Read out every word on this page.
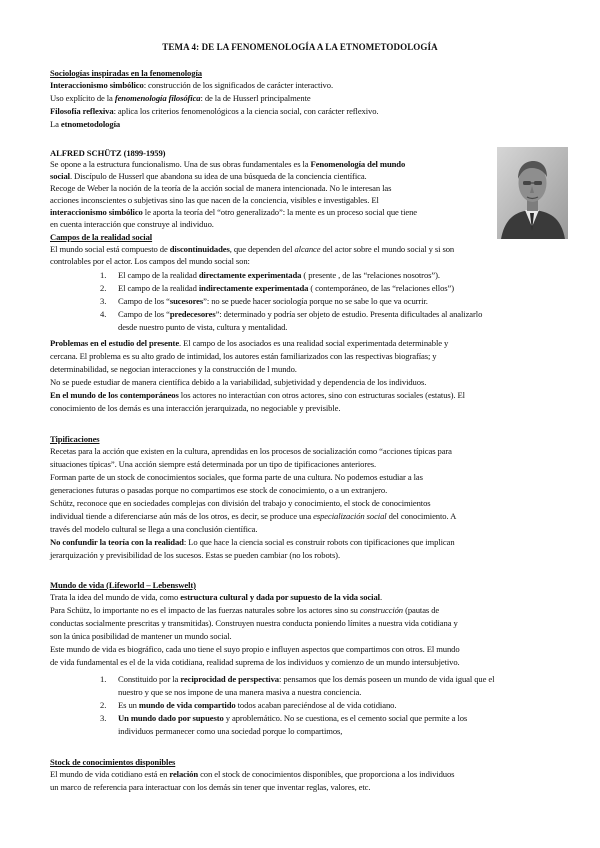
TEMA 4: DE LA FENOMENOLOGÍA A LA ETNOMETODOLOGÍA
Sociologías inspiradas en la fenomenología
Interaccionismo simbólico: construcción de los significados de carácter interactivo.
Uso explícito de la fenomenología filosófica: de la de Husserl principalmente
Filosofía reflexiva: aplica los criterios fenomenológicos a la ciencia social, con carácter reflexivo.
La etnometodología
ALFRED SCHÜTZ (1899-1959)
Se opone a la estructura funcionalismo. Una de sus obras fundamentales es la Fenomenología del mundo
social. Discípulo de Husserl que abandona su idea de una búsqueda de la conciencia científica.
Recoge de Weber la noción de la teoría de la acción social de manera intencionada. No le interesan las
acciones inconscientes o subjetivas sino las que nacen de la conciencia, visibles e investigables. El
interaccionismo simbólico le aporta la teoría del “otro generalizado”: la mente es un proceso social que tiene
en cuenta interacción que construye al individuo.
Campos de la realidad social
El mundo social está compuesto de discontinuidades, que dependen del alcance del actor sobre el mundo social y si son
controlables por el actor. Los campos del mundo social son:
1. El campo de la realidad directamente experimentada ( presente , de las “relaciones nosotros”).
2. El campo de la realidad indirectamente experimentada ( contemporáneo, de las “relaciones ellos”)
3. Campo de los “sucesores”: no se puede hacer sociología porque no se sabe lo que va ocurrir.
4. Campo de los “predecesores”: determinado y podría ser objeto de estudio. Presenta dificultades al analizarlo
desde nuestro punto de vista, cultura y mentalidad.
Problemas en el estudio del presente. El campo de los asociados es una realidad social experimentada determinable y
cercana. El problema es su alto grado de intimidad, los autores están familiarizados con las respectivas biografías; y
determinabilidad, se negocian interacciones y la construcción de l mundo.
No se puede estudiar de manera científica debido a la variabilidad, subjetividad y dependencia de los individuos.
En el mundo de los contemporáneos los actores no interactúan con otros actores, sino con estructuras sociales (estatus). El
conocimiento de los demás es una interacción jerarquizada, no negociable y previsible.
Tipificaciones
Recetas para la acción que existen en la cultura, aprendidas en los procesos de socialización como “acciones típicas para
situaciones típicas”. Una acción siempre está determinada por un tipo de tipificaciones anteriores.
Forman parte de un stock de conocimientos sociales, que forma parte de una cultura. No podemos estudiar a las
generaciones futuras o pasadas porque no compartimos ese stock de conocimiento, o a un extranjero.
Schütz, reconoce que en sociedades complejas con división del trabajo y conocimiento, el stock de conocimientos
individual tiende a diferenciarse aún más de los otros, es decir, se produce una especialización social del conocimiento. A
través del modelo cultural se llega a una conclusión científica.
No confundir la teoría con la realidad: Lo que hace la ciencia social es construir robots con tipificaciones que implican
jerarquización y previsibilidad de los sucesos. Estas se pueden cambiar (no los robots).
Mundo de vida (Lifeworld – Lebenswelt)
Trata la idea del mundo de vida, como estructura cultural y dada por supuesto de la vida social.
Para Schütz, lo importante no es el impacto de las fuerzas naturales sobre los actores sino su construcción (pautas de
conductas socialmente prescritas y transmitidas). Construyen nuestra conducta poniendo límites a nuestra vida cotidiana y
son la única posibilidad de mantener un mundo social.
Este mundo de vida es biográfico, cada uno tiene el suyo propio e influyen aspectos que compartimos con otros. El mundo
de vida fundamental es el de la vida cotidiana, realidad suprema de los individuos y comienzo de un mundo intersubjetivo.
1. Constituido por la reciprocidad de perspectiva: pensamos que los demás poseen un mundo de vida igual que el
nuestro y que se nos impone de una manera masiva a nuestra conciencia.
2. Es un mundo de vida compartido todos acaban pareciéndose al de vida cotidiano.
3. Un mundo dado por supuesto y aproblemático. No se cuestiona, es el cemento social que permite a los
individuos permanecer como una sociedad porque lo compartimos,
Stock de conocimientos disponibles
El mundo de vida cotidiano está en relación con el stock de conocimientos disponibles, que proporciona a los individuos
un marco de referencia para interactuar con los demás sin tener que inventar reglas, valores, etc.
